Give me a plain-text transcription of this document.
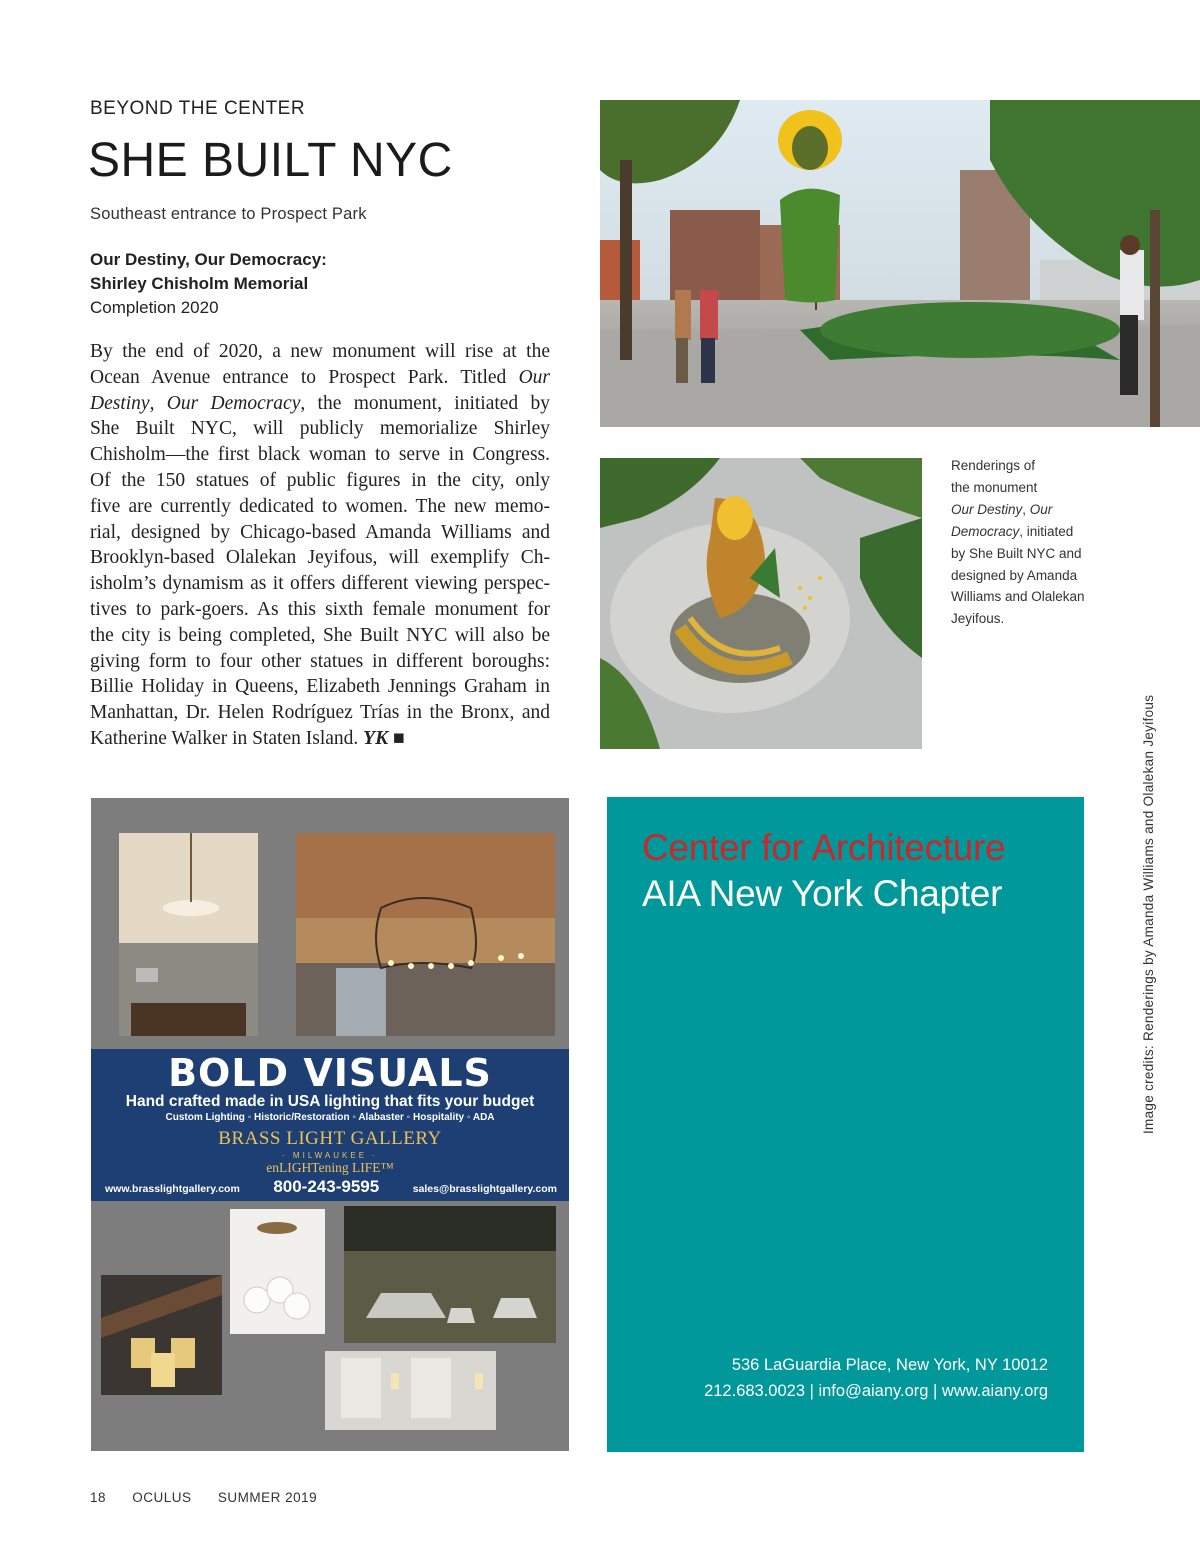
BEYOND THE CENTER
SHE BUILT NYC
Southeast entrance to Prospect Park
Our Destiny, Our Democracy:
Shirley Chisholm Memorial
Completion 2020
By the end of 2020, a new monument will rise at the
Ocean Avenue entrance to Prospect Park. Titled Our
Destiny, Our Democracy, the monument, initiated by
She Built NYC, will publicly memorialize Shirley
Chisholm—the first black woman to serve in Congress.
Of the 150 statues of public figures in the city, only
five are currently dedicated to women. The new memo-
rial, designed by Chicago-based Amanda Williams and
Brooklyn-based Olalekan Jeyifous, will exemplify Ch-
isholm’s dynamism as it offers different viewing perspec-
tives to park-goers. As this sixth female monument for
the city is being completed, She Built NYC will also be
giving form to four other statues in different boroughs:
Billie Holiday in Queens, Elizabeth Jennings Graham in
Manhattan, Dr. Helen Rodríguez Trías in the Bronx, and
Katherine Walker in Staten Island. YK ■
Renderings of
the monument
Our Destiny, Our
Democracy, initiated
by She Built NYC and
designed by Amanda
Williams and Olalekan
Jeyifous.
BOLD VISUALS
Hand crafted made in USA lighting that fits your budget
Custom Lighting ◦ Historic/Restoration ◦ Alabaster ◦ Hospitality ◦ ADA
BRASS LIGHT GALLERY
· MILWAUKEE ·
enLIGHTening LIFE™
www.brasslightgallery.com 800-243-9595	sales@brasslightgallery.com
Center for Architecture
AIA New York Chapter
536 LaGuardia Place, New York, NY 10012
212.683.0023 | info@aiany.org | www.aiany.org
Image credits: Renderings by Amanda Williams and Olalekan Jeyifous
18 OCULUS SUMMER 2019
